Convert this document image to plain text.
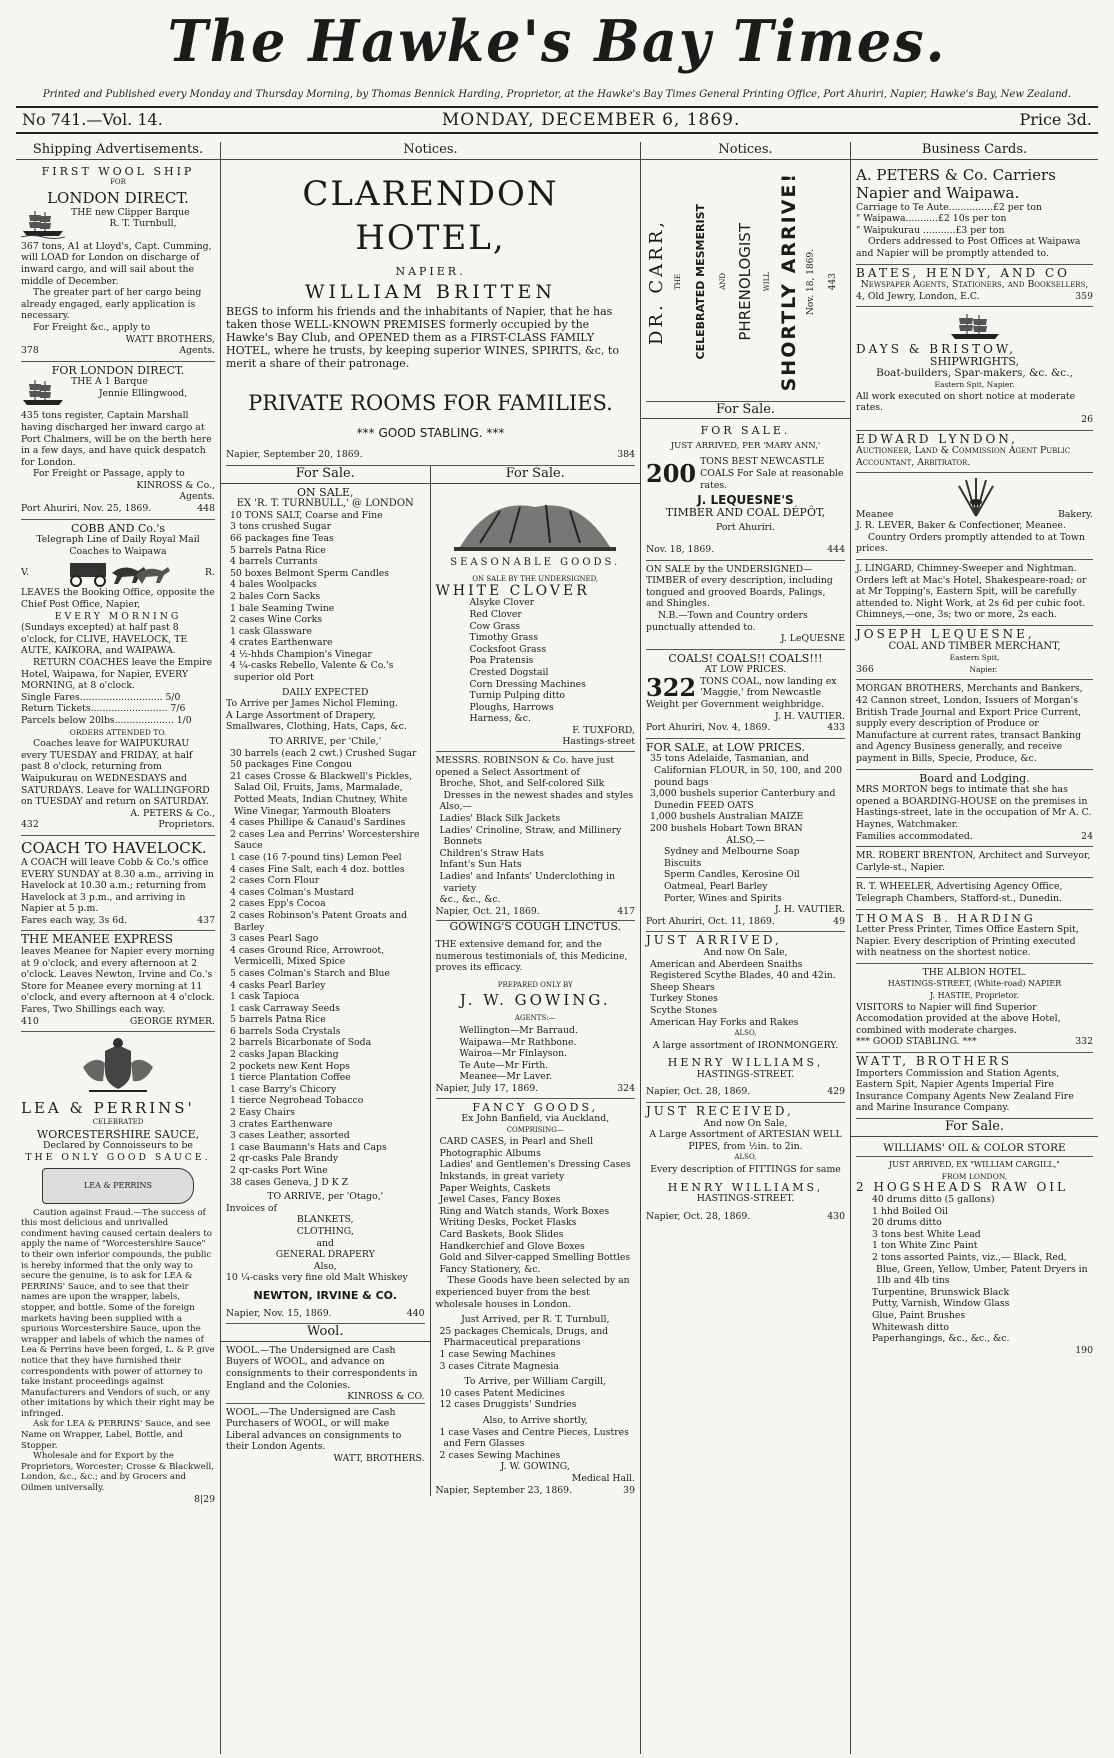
The Hawke's Bay Times.
Printed and Published every Monday and Thursday Morning, by Thomas Bennick Harding, Proprietor, at the Hawke's Bay Times General Printing Office, Port Ahuriri, Napier, Hawke's Bay, New Zealand.
No 741.—Vol. 14.	MONDAY, DECEMBER 6, 1869.	Price 3d.
Shipping Advertisements.

FIRST WOOL SHIP

FOR

LONDON DIRECT.

THE new Clipper Barque

R. T. Turnbull,

367 tons, A1 at Lloyd's, Capt. Cumming, will LOAD for London on discharge of inward cargo, and will sail about the middle of December.

The greater part of her cargo being already engaged, early application is necessary.

For Freight &c., apply to

WATT BROTHERS,

378	Agents.

FOR LONDON DIRECT.

THE A 1 Barque

Jennie Ellingwood,

435 tons register, Captain Marshall having discharged her inward cargo at Port Chalmers, will be on the berth here in a few days, and have quick despatch for London.

For Freight or Passage, apply to

KINROSS & Co.,

Agents.

Port Ahuriri, Nov. 25, 1869.	448

COBB AND Co.'s

Telegraph Line of Daily Royal Mail Coaches to Waipawa

V.	R.

LEAVES the Booking Office, opposite the Chief Post Office, Napier,

EVERY MORNING

(Sundays excepted) at half past 8 o'clock, for CLIVE, HAVELOCK, TE AUTE, KAIKORA, and WAIPAWA.

RETURN COACHES leave the Empire Hotel, Waipawa, for Napier, EVERY MORNING, at 8 o'clock.

Single Fares............................ 5/0

Return Tickets.......................... 7/6

Parcels below 20lbs.................... 1/0

ORDERS ATTENDED TO.

Coaches leave for WAIPUKURAU every TUESDAY and FRIDAY, at half past 8 o'clock, returning from Waipukurau on WEDNESDAYS and SATURDAYS. Leave for WALLINGFORD on TUESDAY and return on SATURDAY.

A. PETERS & Co.,

432	Proprietors.

COACH TO HAVELOCK.

A COACH will leave Cobb & Co.'s office EVERY SUNDAY at 8.30 a.m., arriving in Havelock at 10.30 a.m.; returning from Havelock at 3 p.m., and arriving in Napier at 5 p.m.

Fares each way, 3s 6d.	437

THE MEANEE EXPRESS

leaves Meanee for Napier every morning at 9 o'clock, and every afternoon at 2 o'clock. Leaves Newton, Irvine and Co.'s Store for Meanee every morning at 11 o'clock, and every afternoon at 4 o'clock. Fares, Two Shillings each way.

410	GEORGE RYMER.

LEA & PERRINS'

CELEBRATED

WORCESTERSHIRE SAUCE,

Declared by Connoisseurs to be

THE ONLY GOOD SAUCE.

LEA & PERRINS

Caution against Fraud.—The success of this most delicious and unrivalled condiment having caused certain dealers to apply the name of "Worcestershire Sauce" to their own inferior compounds, the public is hereby informed that the only way to secure the genuine, is to ask for LEA & PERRINS' Sauce, and to see that their names are upon the wrapper, labels, stopper, and bottle. Some of the foreign markets having been supplied with a spurious Worcestershire Sauce, upon the wrapper and labels of which the names of Lea & Perrins have been forged, L. & P. give notice that they have furnished their correspondents with power of attorney to take instant proceedings against Manufacturers and Vendors of such, or any other imitations by which their right may be infringed.

Ask for LEA & PERRINS' Sauce, and see Name on Wrapper, Label, Bottle, and Stopper.

Wholesale and for Export by the Proprietors, Worcester; Crosse & Blackwell, London, &c., &c.; and by Grocers and Oilmen universally.

8|29

Notices.

CLARENDON HOTEL,

NAPIER.

WILLIAM BRITTEN

BEGS to inform his friends and the inhabitants of Napier, that he has taken those WELL-KNOWN PREMISES formerly occupied by the Hawke's Bay Club, and OPENED them as a FIRST-CLASS FAMILY HOTEL, where he trusts, by keeping superior WINES, SPIRITS, &c, to merit a share of their patronage.

PRIVATE ROOMS FOR FAMILIES.

*** GOOD STABLING. ***

Napier, September 20, 1869.	384
For Sale.

ON SALE,

EX 'R. T. TURNBULL,' @ LONDON

10 TONS SALT, Coarse and Fine

3 tons crushed Sugar

66 packages fine Teas

5 barrels Patna Rice

4 barrels Currants

50 boxes Belmont Sperm Candles

4 bales Woolpacks

2 bales Corn Sacks

1 bale Seaming Twine

2 cases Wine Corks

1 cask Glassware

4 crates Earthenware

4 ½-hhds Champion's Vinegar

4 ¼-casks Rebello, Valente & Co.'s superior old Port

DAILY EXPECTED

To Arrive per James Nichol Fleming.

A Large Assortment of Drapery, Smallwares, Clothing, Hats, Caps, &c.

TO ARRIVE, per 'Chile,'

30 barrels (each 2 cwt.) Crushed Sugar

50 packages Fine Congou

21 cases Crosse & Blackwell's Pickles, Salad Oil, Fruits, Jams, Marmalade, Potted Meats, Indian Chutney, White Wine Vinegar, Yarmouth Bloaters

4 cases Phillipe & Canaud's Sardines

2 cases Lea and Perrins' Worcestershire Sauce

1 case (16 7-pound tins) Lemon Peel

4 cases Fine Salt, each 4 doz. bottles

2 cases Corn Flour

4 cases Colman's Mustard

2 cases Epp's Cocoa

2 cases Robinson's Patent Groats and Barley

3 cases Pearl Sago

4 cases Ground Rice, Arrowroot, Vermicelli, Mixed Spice

5 cases Colman's Starch and Blue

4 casks Pearl Barley

1 cask Tapioca

1 cask Carraway Seeds

5 barrels Patna Rice

6 barrels Soda Crystals

2 barrels Bicarbonate of Soda

2 casks Japan Blacking

2 pockets new Kent Hops

1 tierce Plantation Coffee

1 case Barry's Chicory

1 tierce Negrohead Tobacco

2 Easy Chairs

3 crates Earthenware

3 cases Leather, assorted

1 case Baumann's Hats and Caps

2 qr-casks Pale Brandy

2 qr-casks Port Wine

38 cases Geneva, J D K Z

TO ARRIVE, per 'Otago,'

Invoices of

BLANKETS,

CLOTHING,

and

GENERAL DRAPERY

Also,

10 ¼-casks very fine old Malt Whiskey

NEWTON, IRVINE & CO.

Napier, Nov. 15, 1869.	440
Wool.

WOOL.—The Undersigned are Cash Buyers of WOOL, and advance on consignments to their correspondents in England and the Colonies.

KINROSS & CO.

WOOL.—The Undersigned are Cash Purchasers of WOOL, or will make Liberal advances on consignments to their London Agents.

WATT, BROTHERS.

For Sale.

SEASONABLE GOODS.

ON SALE BY THE UNDERSIGNED,

WHITE CLOVER

Alsyke Clover

Red Clover

Cow Grass

Timothy Grass

Cocksfoot Grass

Poa Pratensis

Crested Dogstail

Corn Dressing Machines

Turnip Pulping ditto

Ploughs, Harrows

Harness, &c.

F. TUXFORD,

Hastings-street

MESSRS. ROBINSON & Co. have just opened a Select Assortment of

Broche, Shot, and Self-colored Silk Dresses in the newest shades and styles

Also,—

Ladies' Black Silk Jackets

Ladies' Crinoline, Straw, and Millinery Bonnets

Children's Straw Hats

Infant's Sun Hats

Ladies' and Infants' Underclothing in variety

&c., &c., &c.

Napier, Oct. 21, 1869.	417

GOWING'S COUGH LINCTUS.

THE extensive demand for, and the numerous testimonials of, this Medicine, proves its efficacy.

PREPARED ONLY BY

J. W. GOWING.

AGENTS:—

Wellington—Mr Barraud.

Waipawa—Mr Rathbone.

Wairoa—Mr Finlayson.

Te Aute—Mr Firth.

Meanee—Mr Laver.

Napier, July 17, 1869.	324

FANCY GOODS,

Ex John Banfield, via Auckland,

COMPRISING—

CARD CASES, in Pearl and Shell

Photographic Albums

Ladies' and Gentlemen's Dressing Cases

Inkstands, in great variety

Paper Weights, Caskets

Jewel Cases, Fancy Boxes

Ring and Watch stands, Work Boxes

Writing Desks, Pocket Flasks

Card Baskets, Book Slides

Handkerchief and Glove Boxes

Gold and Silver-capped Smelling Bottles

Fancy Stationery, &c.

These Goods have been selected by an experienced buyer from the best wholesale houses in London.

Just Arrived, per R. T. Turnbull,

25 packages Chemicals, Drugs, and Pharmaceutical preparations

1 case Sewing Machines

3 cases Citrate Magnesia

To Arrive, per William Cargill,

10 cases Patent Medicines

12 cases Druggists' Sundries

Also, to Arrive shortly,

1 case Vases and Centre Pieces, Lustres and Fern Glasses

2 cases Sewing Machines

J. W. GOWING,

Medical Hall.

Napier, September 23, 1869.	39
Notices.
DR. CARR, THE CELEBRATED MESMERIST AND PHRENOLOGIST WILL SHORTLY ARRIVE! Nov. 18, 1869. 443
For Sale.

FOR SALE.

JUST ARRIVED, PER 'MARY ANN,'

200 TONS BEST NEWCASTLE COALS For Sale at reasonable rates.

J. LEQUESNE'S

TIMBER AND COAL DÉPÔT,

Port Ahuriri.

Nov. 18, 1869.	444

ON SALE by the UNDERSIGNED—

TIMBER of every description, including tongued and grooved Boards, Palings, and Shingles.

N.B.—Town and Country orders punctually attended to.

J. LeQUESNE

COALS! COALS!! COALS!!!

AT LOW PRICES.

322 TONS COAL, now landing ex 'Maggie,' from Newcastle

Weight per Government weighbridge.

J. H. VAUTIER.

Port Ahuriri, Nov. 4, 1869.	433

FOR SALE, at LOW PRICES.

35 tons Adelaide, Tasmanian, and Californian FLOUR, in 50, 100, and 200 pound bags

3,000 bushels superior Canterbury and Dunedin FEED OATS

1,000 bushels Australian MAIZE

200 bushels Hobart Town BRAN

ALSO,—

Sydney and Melbourne Soap

Biscuits

Sperm Candles, Kerosine Oil

Oatmeal, Pearl Barley

Porter, Wines and Spirits

J. H. VAUTIER.

Port Ahuriri, Oct. 11, 1869.	49

JUST ARRIVED,

And now On Sale,

American and Aberdeen Snaiths

Registered Scythe Blades, 40 and 42in.

Sheep Shears

Turkey Stones

Scythe Stones

American Hay Forks and Rakes

ALSO,

A large assortment of IRONMONGERY.

HENRY WILLIAMS,

HASTINGS-STREET.

Napier, Oct. 28, 1869.	429

JUST RECEIVED,

And now On Sale,

A Large Assortment of ARTESIAN WELL PIPES, from ½in. to 2in.

ALSO,

Every description of FITTINGS for same

HENRY WILLIAMS,

HASTINGS-STREET.

Napier, Oct. 28, 1869.	430
Business Cards.

A. PETERS & Co. Carriers Napier and Waipawa.

Carriage to Te Aute...............£2 per ton

" Waipawa...........£2 10s per ton

" Waipukurau ...........£3 per ton

Orders addressed to Post Offices at Waipawa and Napier will be promptly attended to.

BATES, HENDY, AND CO

Newspaper Agents, Stationers, and Booksellers,

4, Old Jewry, London, E.C.	359

DAYS & BRISTOW,

SHIPWRIGHTS,

Boat-builders, Spar-makers, &c. &c.,

Eastern Spit, Napier.

All work executed on short notice at moderate rates.

26

EDWARD LYNDON,

Auctioneer, Land & Commission Agent Public Accountant, Arbitrator.

Meanee	Bakery.

J. R. LEVER, Baker & Confectioner, Meanee.

Country Orders promptly attended to at Town prices.

J. LINGARD, Chimney-Sweeper and Nightman. Orders left at Mac's Hotel, Shakespeare-road; or at Mr Topping's, Eastern Spit, will be carefully attended to. Night Work, at 2s 6d per cubic foot. Chimneys,—one, 3s; two or more, 2s each.

JOSEPH LEQUESNE,

COAL AND TIMBER MERCHANT,

Eastern Spit,

366	Napier.

MORGAN BROTHERS, Merchants and Bankers, 42 Cannon street, London, Issuers of Morgan's British Trade Journal and Export Price Current, supply every description of Produce or Manufacture at current rates, transact Banking and Agency Business generally, and receive payment in Bills, Specie, Produce, &c.

Board and Lodging.

MRS MORTON begs to intimate that she has opened a BOARDING-HOUSE on the premises in Hastings-street, late in the occupation of Mr A. C. Haynes, Watchmaker.

Families accommodated.	24

MR. ROBERT BRENTON, Architect and Surveyor, Carlyle-st., Napier.

R. T. WHEELER, Advertising Agency Office, Telegraph Chambers, Stafford-st., Dunedin.

THOMAS B. HARDING

Letter Press Printer, Times Office Eastern Spit, Napier. Every description of Printing executed with neatness on the shortest notice.

THE ALBION HOTEL.

HASTINGS-STREET, (White-road) NAPIER

J. HASTIE, Proprietor.

VISITORS to Napier will find Superior Accomodation provided at the above Hotel, combined with moderate charges.

*** GOOD STABLING. ***	332

WATT, BROTHERS

Importers Commission and Station Agents, Eastern Spit, Napier Agents Imperial Fire Insurance Company Agents New Zealand Fire and Marine Insurance Company.

For Sale.

WILLIAMS' OIL & COLOR STORE

JUST ARRIVED, EX "WILLIAM CARGILL,"

FROM LONDON,

2 HOGSHEADS RAW OIL

40 drums ditto (5 gallons)

1 hhd Boiled Oil

20 drums ditto

3 tons best White Lead

1 ton White Zinc Paint

2 tons assorted Paints, viz.,— Black, Red, Blue, Green, Yellow, Umber, Patent Dryers in 1lb and 4lb tins

Turpentine, Brunswick Black

Putty, Varnish, Window Glass

Glue, Paint Brushes

Whitewash ditto

Paperhangings, &c., &c., &c.

190
